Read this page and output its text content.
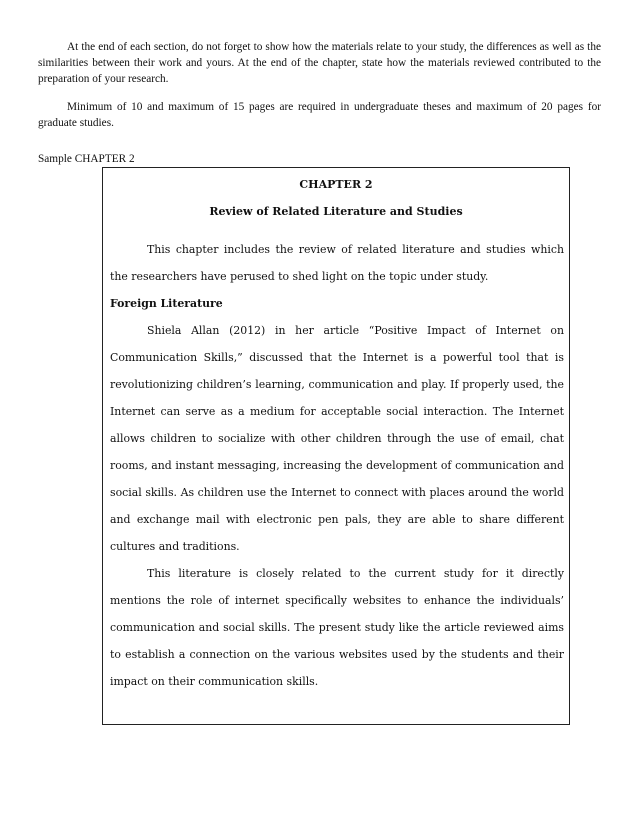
At the end of each section, do not forget to show how the materials relate to your study, the differences as well as the similarities between their work and yours. At the end of the chapter, state how the materials reviewed contributed to the preparation of your research.

Minimum of 10 and maximum of 15 pages are required in undergraduate theses and maximum of 20 pages for graduate studies.

Sample CHAPTER 2

CHAPTER 2
Review of Related Literature and Studies

This chapter includes the review of related literature and studies which the researchers have perused to shed light on the topic under study.

Foreign Literature

Shiela Allan (2012) in her article “Positive Impact of Internet on Communication Skills,” discussed that the Internet is a powerful tool that is revolutionizing children’s learning, communication and play. If properly used, the Internet can serve as a medium for acceptable social interaction. The Internet allows children to socialize with other children through the use of email, chat rooms, and instant messaging, increasing the development of communication and social skills. As children use the Internet to connect with places around the world and exchange mail with electronic pen pals, they are able to share different cultures and traditions.

This literature is closely related to the current study for it directly mentions the role of internet specifically websites to enhance the individuals’ communication and social skills. The present study like the article reviewed aims to establish a connection on the various websites used by the students and their impact on their communication skills.
